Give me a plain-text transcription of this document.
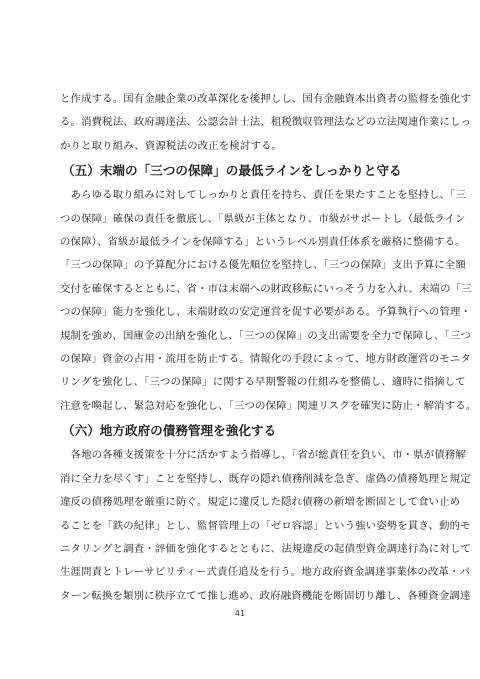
と作成する。国有金融企業の改革深化を後押しし、国有金融資本出資者の監督を強化す
る。消費税法、政府調達法、公認会計士法、租税徴収管理法などの立法関連作業にしっ
かりと取り組み、資源税法の改正を検討する。

（五）末端の「三つの保障」の最低ラインをしっかりと守る

　あらゆる取り組みに対してしっかりと責任を持ち、責任を果たすことを堅持し、「三
つの保障」確保の責任を徹底し、「県級が主体となり、市級がサポートし（最低ライン
の保障）、省級が最低ラインを保障する」というレベル別責任体系を厳格に整備する。
「三つの保障」の予算配分における優先順位を堅持し、「三つの保障」支出予算に全額
交付を確保するとともに、省・市は末端への財政移転にいっそう力を入れ、末端の「三
つの保障」能力を強化し、末端財政の安定運営を促す必要がある。予算執行への管理・
規制を強め、国庫金の出納を強化し、「三つの保障」の支出需要を全力で保障し、「三つ
の保障」資金の占用・流用を防止する。情報化の手段によって、地方財政運営のモニタ
リングを強化し、「三つの保障」に関する早期警報の仕組みを整備し、適時に指摘して
注意を喚起し、緊急対応を強化し、「三つの保障」関連リスクを確実に防止・解消する。

（六）地方政府の債務管理を強化する

　各地の各種支援策を十分に活かすよう指導し、「省が総責任を負い、市・県が債務解
消に全力を尽くす」ことを堅持し、既存の隠れ債務削減を急ぎ、虚偽の債務処理と規定
違反の債務処理を厳重に防ぐ。規定に違反した隠れ債務の新増を断固として食い止め
ることを「鉄の紀律」とし、監督管理上の「ゼロ容認」という強い姿勢を貫き、動的モ
ニタリングと調査・評価を強化するとともに、法規違反の起債型資金調達行為に対して
生涯問責とトレーサビリティー式責任追及を行う。地方政府資金調達事業体の改革・パ
ターン転換を類別に秩序立てて推し進め、政府融資機能を断固切り離し、各種資金調達

41
